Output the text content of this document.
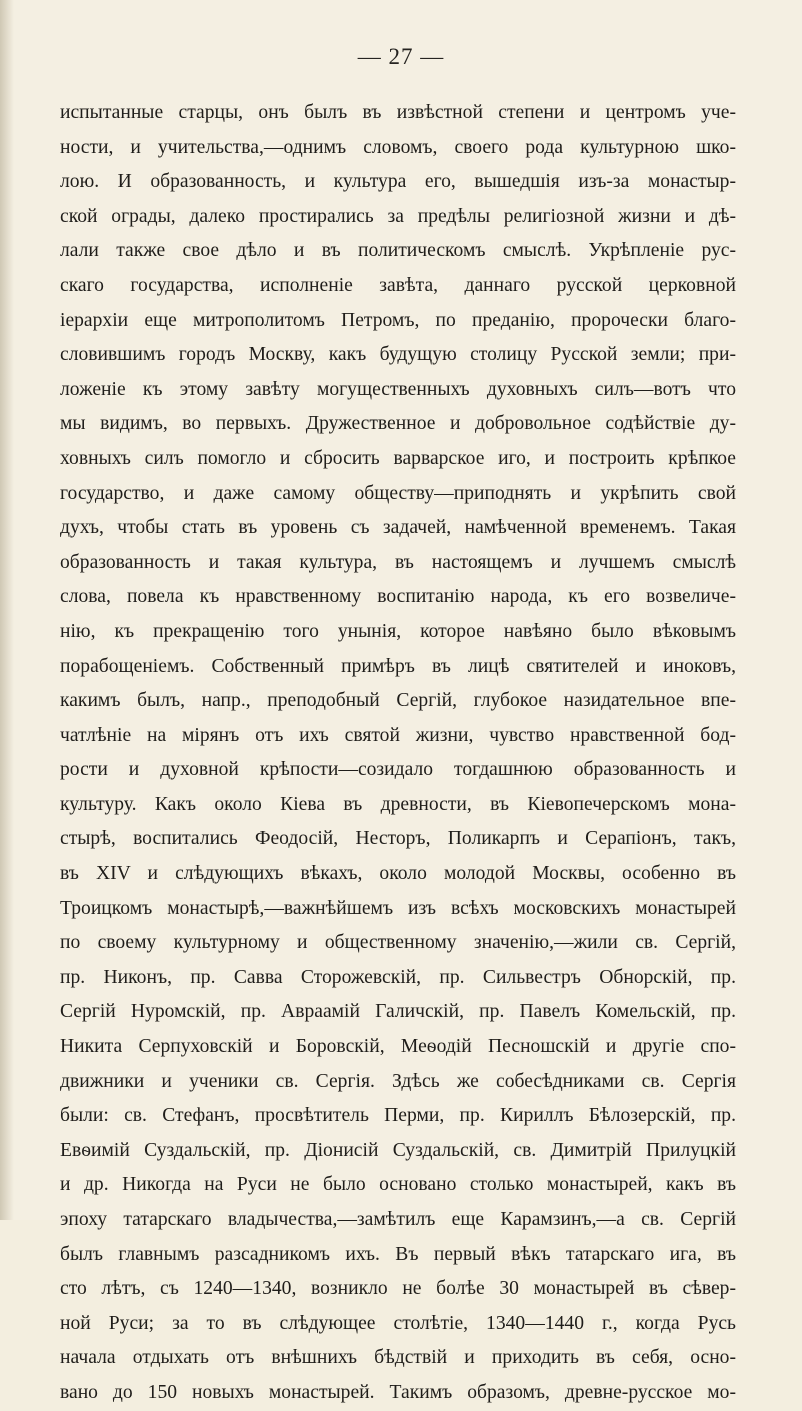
— 27 —
испытанные старцы, онъ былъ въ извѣстной степени и центромъ уче-
ности, и учительства,—однимъ словомъ, своего рода культурною шко-
лою. И образованность, и культура его, вышедшія изъ-за монастыр-
ской ограды, далеко простирались за предѣлы религіозной жизни и дѣ-
лали также свое дѣло и въ политическомъ смыслѣ. Укрѣпленіе рус-
скаго государства, исполненіе завѣта, даннаго русской церковной
іерархіи еще митрополитомъ Петромъ, по преданію, пророчески благо-
словившимъ городъ Москву, какъ будущую столицу Русской земли; при-
ложеніе къ этому завѣту могущественныхъ духовныхъ силъ—вотъ что
мы видимъ, во первыхъ. Дружественное и добровольное содѣйствіе ду-
ховныхъ силъ помогло и сбросить варварское иго, и построить крѣпкое
государство, и даже самому обществу—приподнять и укрѣпить свой
духъ, чтобы стать въ уровень съ задачей, намѣченной временемъ. Такая
образованность и такая культура, въ настоящемъ и лучшемъ смыслѣ
слова, повела къ нравственному воспитанію народа, къ его возвеличе-
нію, къ прекращенію того унынія, которое навѣяно было вѣковымъ
порабощеніемъ. Собственный примѣръ въ лицѣ святителей и иноковъ,
какимъ былъ, напр., преподобный Сергій, глубокое назидательное впе-
чатлѣніе на мірянъ отъ ихъ святой жизни, чувство нравственной бод-
рости и духовной крѣпости—созидало тогдашнюю образованность и
культуру. Какъ около Кіева въ древности, въ Кіевопечерскомъ мона-
стырѣ, воспитались Феодосій, Несторъ, Поликарпъ и Серапіонъ, такъ,
въ XIV и слѣдующихъ вѣкахъ, около молодой Москвы, особенно въ
Троицкомъ монастырѣ,—важнѣйшемъ изъ всѣхъ московскихъ монастырей
по своему культурному и общественному значенію,—жили св. Сергій,
пр. Никонъ, пр. Савва Сторожевскій, пр. Сильвестръ Обнорскій, пр.
Сергій Нуромскій, пр. Авраамій Галичскій, пр. Павелъ Комельскій, пр.
Никита Серпуховскій и Боровскій, Меѳодій Песношскій и другіе спо-
движники и ученики св. Сергія. Здѣсь же собесѣдниками св. Сергія
были: св. Стефанъ, просвѣтитель Перми, пр. Кириллъ Бѣлозерскій, пр.
Евѳимій Суздальскій, пр. Діонисій Суздальскій, св. Димитрій Прилуцкій
и др. Никогда на Руси не было основано столько монастырей, какъ въ
эпоху татарскаго владычества,—замѣтилъ еще Карамзинъ,—а св. Сергій
былъ главнымъ разсадникомъ ихъ. Въ первый вѣкъ татарскаго ига, въ
сто лѣтъ, съ 1240—1340, возникло не болѣе 30 монастырей въ сѣвер-
ной Руси; за то въ слѣдующее столѣтіе, 1340—1440 г., когда Русь
начала отдыхать отъ внѣшнихъ бѣдствій и приходить въ себя, осно-
вано до 150 новыхъ монастырей. Такимъ образомъ, древне-русское мо-
